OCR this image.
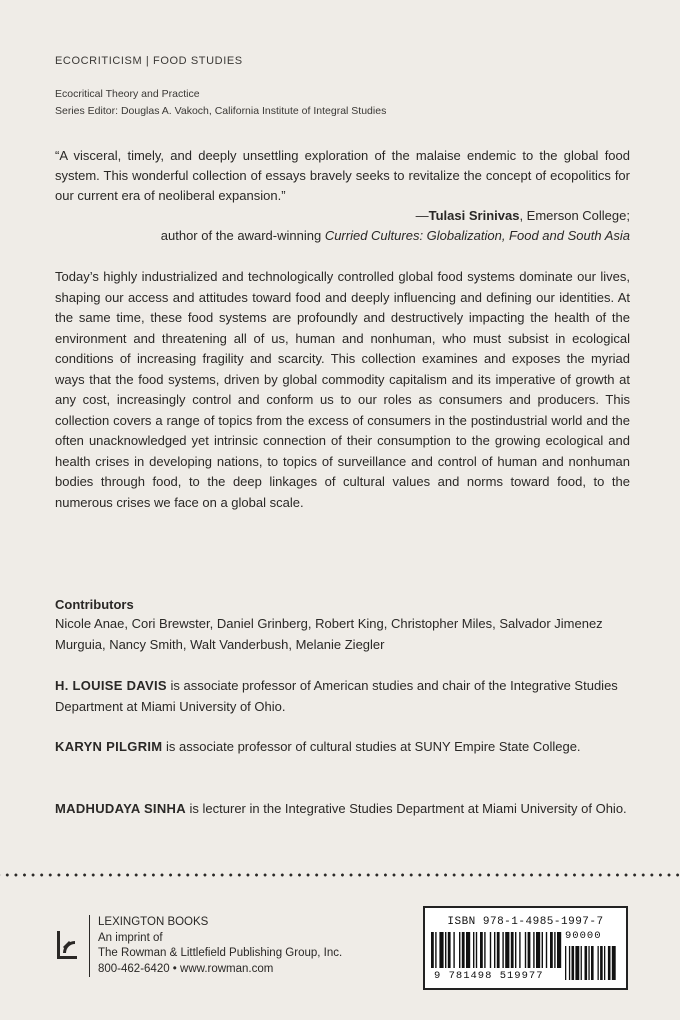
ECOCRITICISM | FOOD STUDIES
Ecocritical Theory and Practice
Series Editor: Douglas A. Vakoch, California Institute of Integral Studies

“A visceral, timely, and deeply unsettling exploration of the malaise endemic to the global food system. This wonderful collection of essays bravely seeks to revitalize the concept of ecopolitics for our current era of neoliberal expansion.”

—Tulasi Srinivas, Emerson College;
author of the award-winning Curried Cultures: Globalization, Food and South Asia

Today’s highly industrialized and technologically controlled global food systems dominate our lives, shaping our access and attitudes toward food and deeply influencing and defining our identities. At the same time, these food systems are profoundly and destructively impacting the health of the environment and threatening all of us, human and nonhuman, who must subsist in ecological conditions of increasing fragility and scarcity. This collection examines and exposes the myriad ways that the food systems, driven by global commodity capitalism and its imperative of growth at any cost, increasingly control and conform us to our roles as consumers and producers. This collection covers a range of topics from the excess of consumers in the postindustrial world and the often unacknowledged yet intrinsic connection of their consumption to the growing ecological and health crises in developing nations, to topics of surveillance and control of human and nonhuman bodies through food, to the deep linkages of cultural values and norms toward food, to the numerous crises we face on a global scale.

Contributors

Nicole Anae, Cori Brewster, Daniel Grinberg, Robert King, Christopher Miles, Salvador Jimenez Murguia, Nancy Smith, Walt Vanderbush, Melanie Ziegler

H. LOUISE DAVIS is associate professor of American studies and chair of the Integrative Studies Department at Miami University of Ohio.

KARYN PILGRIM is associate professor of cultural studies at SUNY Empire State College.

MADHUDAYA SINHA is lecturer in the Integrative Studies Department at Miami University of Ohio.

LEXINGTON BOOKS
An imprint of
The Rowman & Littlefield Publishing Group, Inc.
800-462-6420 • www.rowman.com
ISBN 978-1-4985-1997-7
9 781498 519977
90000
